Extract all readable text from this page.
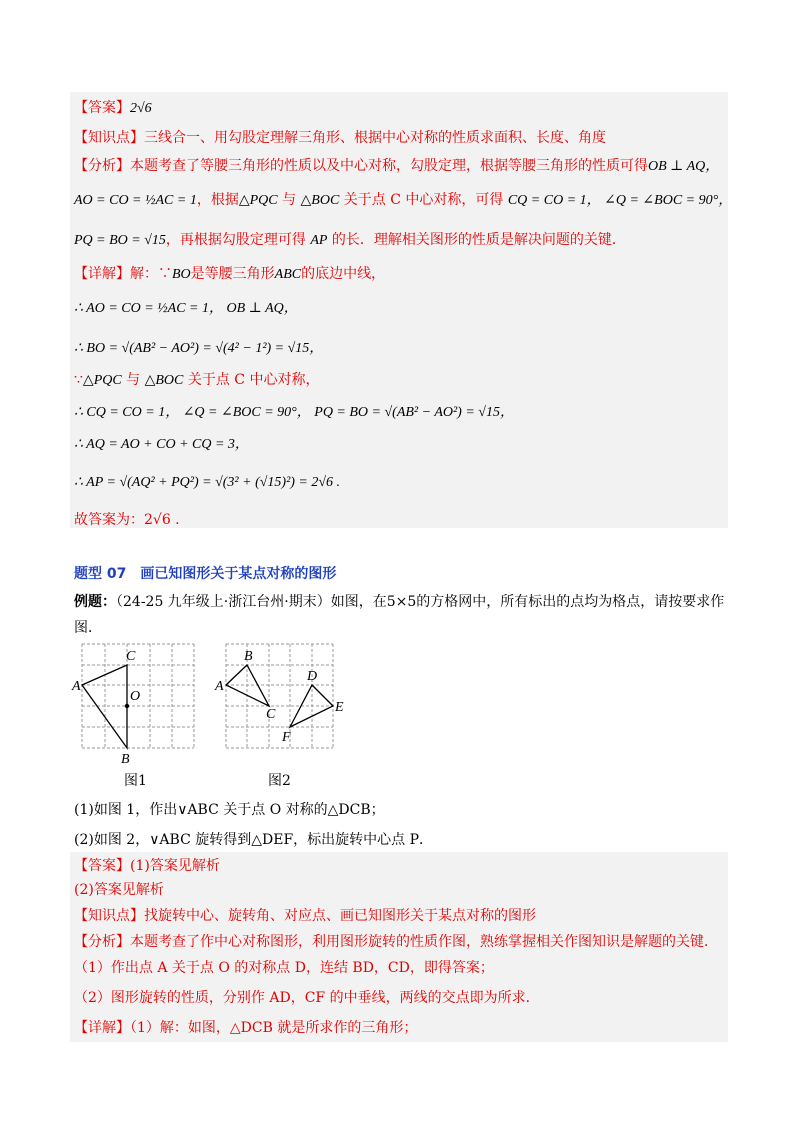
【答案】2√6
【知识点】三线合一、用勾股定理解三角形、根据中心对称的性质求面积、长度、角度
【分析】本题考查了等腰三角形的性质以及中心对称，勾股定理，根据等腰三角形的性质可得OB ⊥ AQ，
AO = CO = ½AC = 1，根据△PQC 与 △BOC 关于点 C 中心对称，可得 CQ = CO = 1， ∠Q = ∠BOC = 90°，
PQ = BO = √15，再根据勾股定理可得 AP 的长．理解相关图形的性质是解决问题的关键．
【详解】解：∵BO是等腰三角形ABC的底边中线，
∴ AO = CO = ½AC = 1， OB ⊥ AQ，
∴ BO = √(AB² − AO²) = √(4² − 1²) = √15，
∵△PQC 与 △BOC 关于点 C 中心对称，
∴ CQ = CO = 1， ∠Q = ∠BOC = 90°， PQ = BO = √(AB² − AO²) = √15，
∴ AQ = AO + CO + CQ = 3，
∴ AP = √(AQ² + PQ²) = √(3² + (√15)²) = 2√6 .
故答案为：2√6 .
题型 07　画已知图形关于某点对称的图形
例题：（24-25 九年级上·浙江台州·期末）如图，在5×5的方格网中，所有标出的点均为格点，请按要求作
图．
A
C
O
B
B
A
C
D
E
F
图1	图2
(1)如图 1，作出∨ABC 关于点 O 对称的△DCB；
(2)如图 2，∨ABC 旋转得到△DEF，标出旋转中心点 P．
【答案】(1)答案见解析
(2)答案见解析
【知识点】找旋转中心、旋转角、对应点、画已知图形关于某点对称的图形
【分析】本题考查了作中心对称图形，利用图形旋转的性质作图，熟练掌握相关作图知识是解题的关键．
（1）作出点 A 关于点 O 的对称点 D，连结 BD，CD，即得答案；
（2）图形旋转的性质，分别作 AD，CF 的中垂线，两线的交点即为所求．
【详解】（1）解：如图，△DCB 就是所求作的三角形；
